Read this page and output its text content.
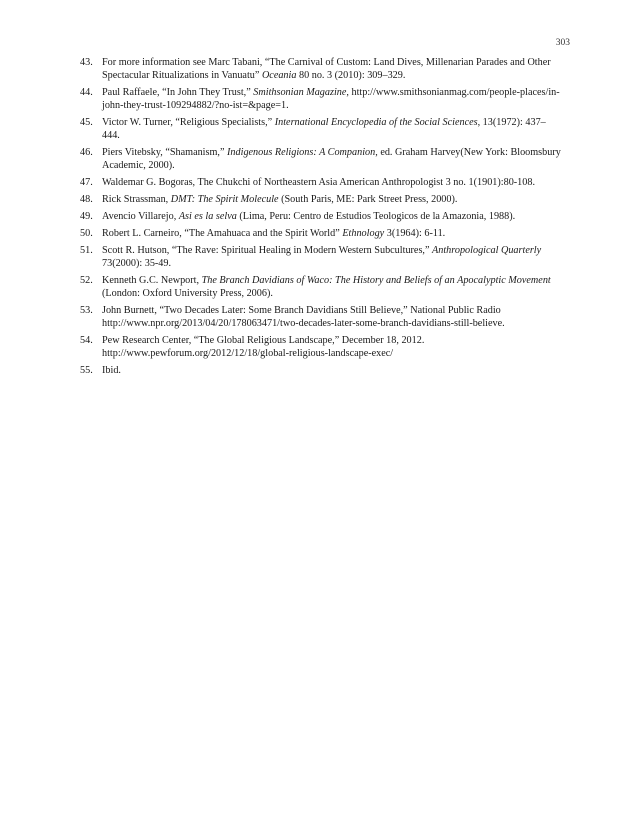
303
43. For more information see Marc Tabani, “The Carnival of Custom: Land Dives, Millenarian Parades and Other Spectacular Ritualizations in Vanuatu” Oceania 80 no. 3 (2010): 309–329.
44. Paul Raffaele, “In John They Trust,” Smithsonian Magazine, http://www.smithsonianmag.com/people-places/in-john-they-trust-109294882/?no-ist=&page=1.
45. Victor W. Turner, “Religious Specialists,” International Encyclopedia of the Social Sciences, 13(1972): 437–444.
46. Piers Vitebsky, “Shamanism,” Indigenous Religions: A Companion, ed. Graham Harvey(New York: Bloomsbury Academic, 2000).
47. Waldemar G. Bogoras, The Chukchi of Northeastern Asia American Anthropologist 3 no. 1(1901):80-108.
48. Rick Strassman, DMT: The Spirit Molecule (South Paris, ME: Park Street Press, 2000).
49. Avencio Villarejo, Asi es la selva (Lima, Peru: Centro de Estudios Teologicos de la Amazonia, 1988).
50. Robert L. Carneiro, “The Amahuaca and the Spirit World” Ethnology 3(1964): 6-11.
51. Scott R. Hutson, “The Rave: Spiritual Healing in Modern Western Subcultures,” Anthropological Quarterly 73(2000): 35-49.
52. Kenneth G.C. Newport, The Branch Davidians of Waco: The History and Beliefs of an Apocalyptic Movement (London: Oxford University Press, 2006).
53. John Burnett, “Two Decades Later: Some Branch Davidians Still Believe,” National Public Radio http://www.npr.org/2013/04/20/178063471/two-decades-later-some-branch-davidians-still-believe.
54. Pew Research Center, “The Global Religious Landscape,” December 18, 2012. http://www.pewforum.org/2012/12/18/global-religious-landscape-exec/
55. Ibid.
